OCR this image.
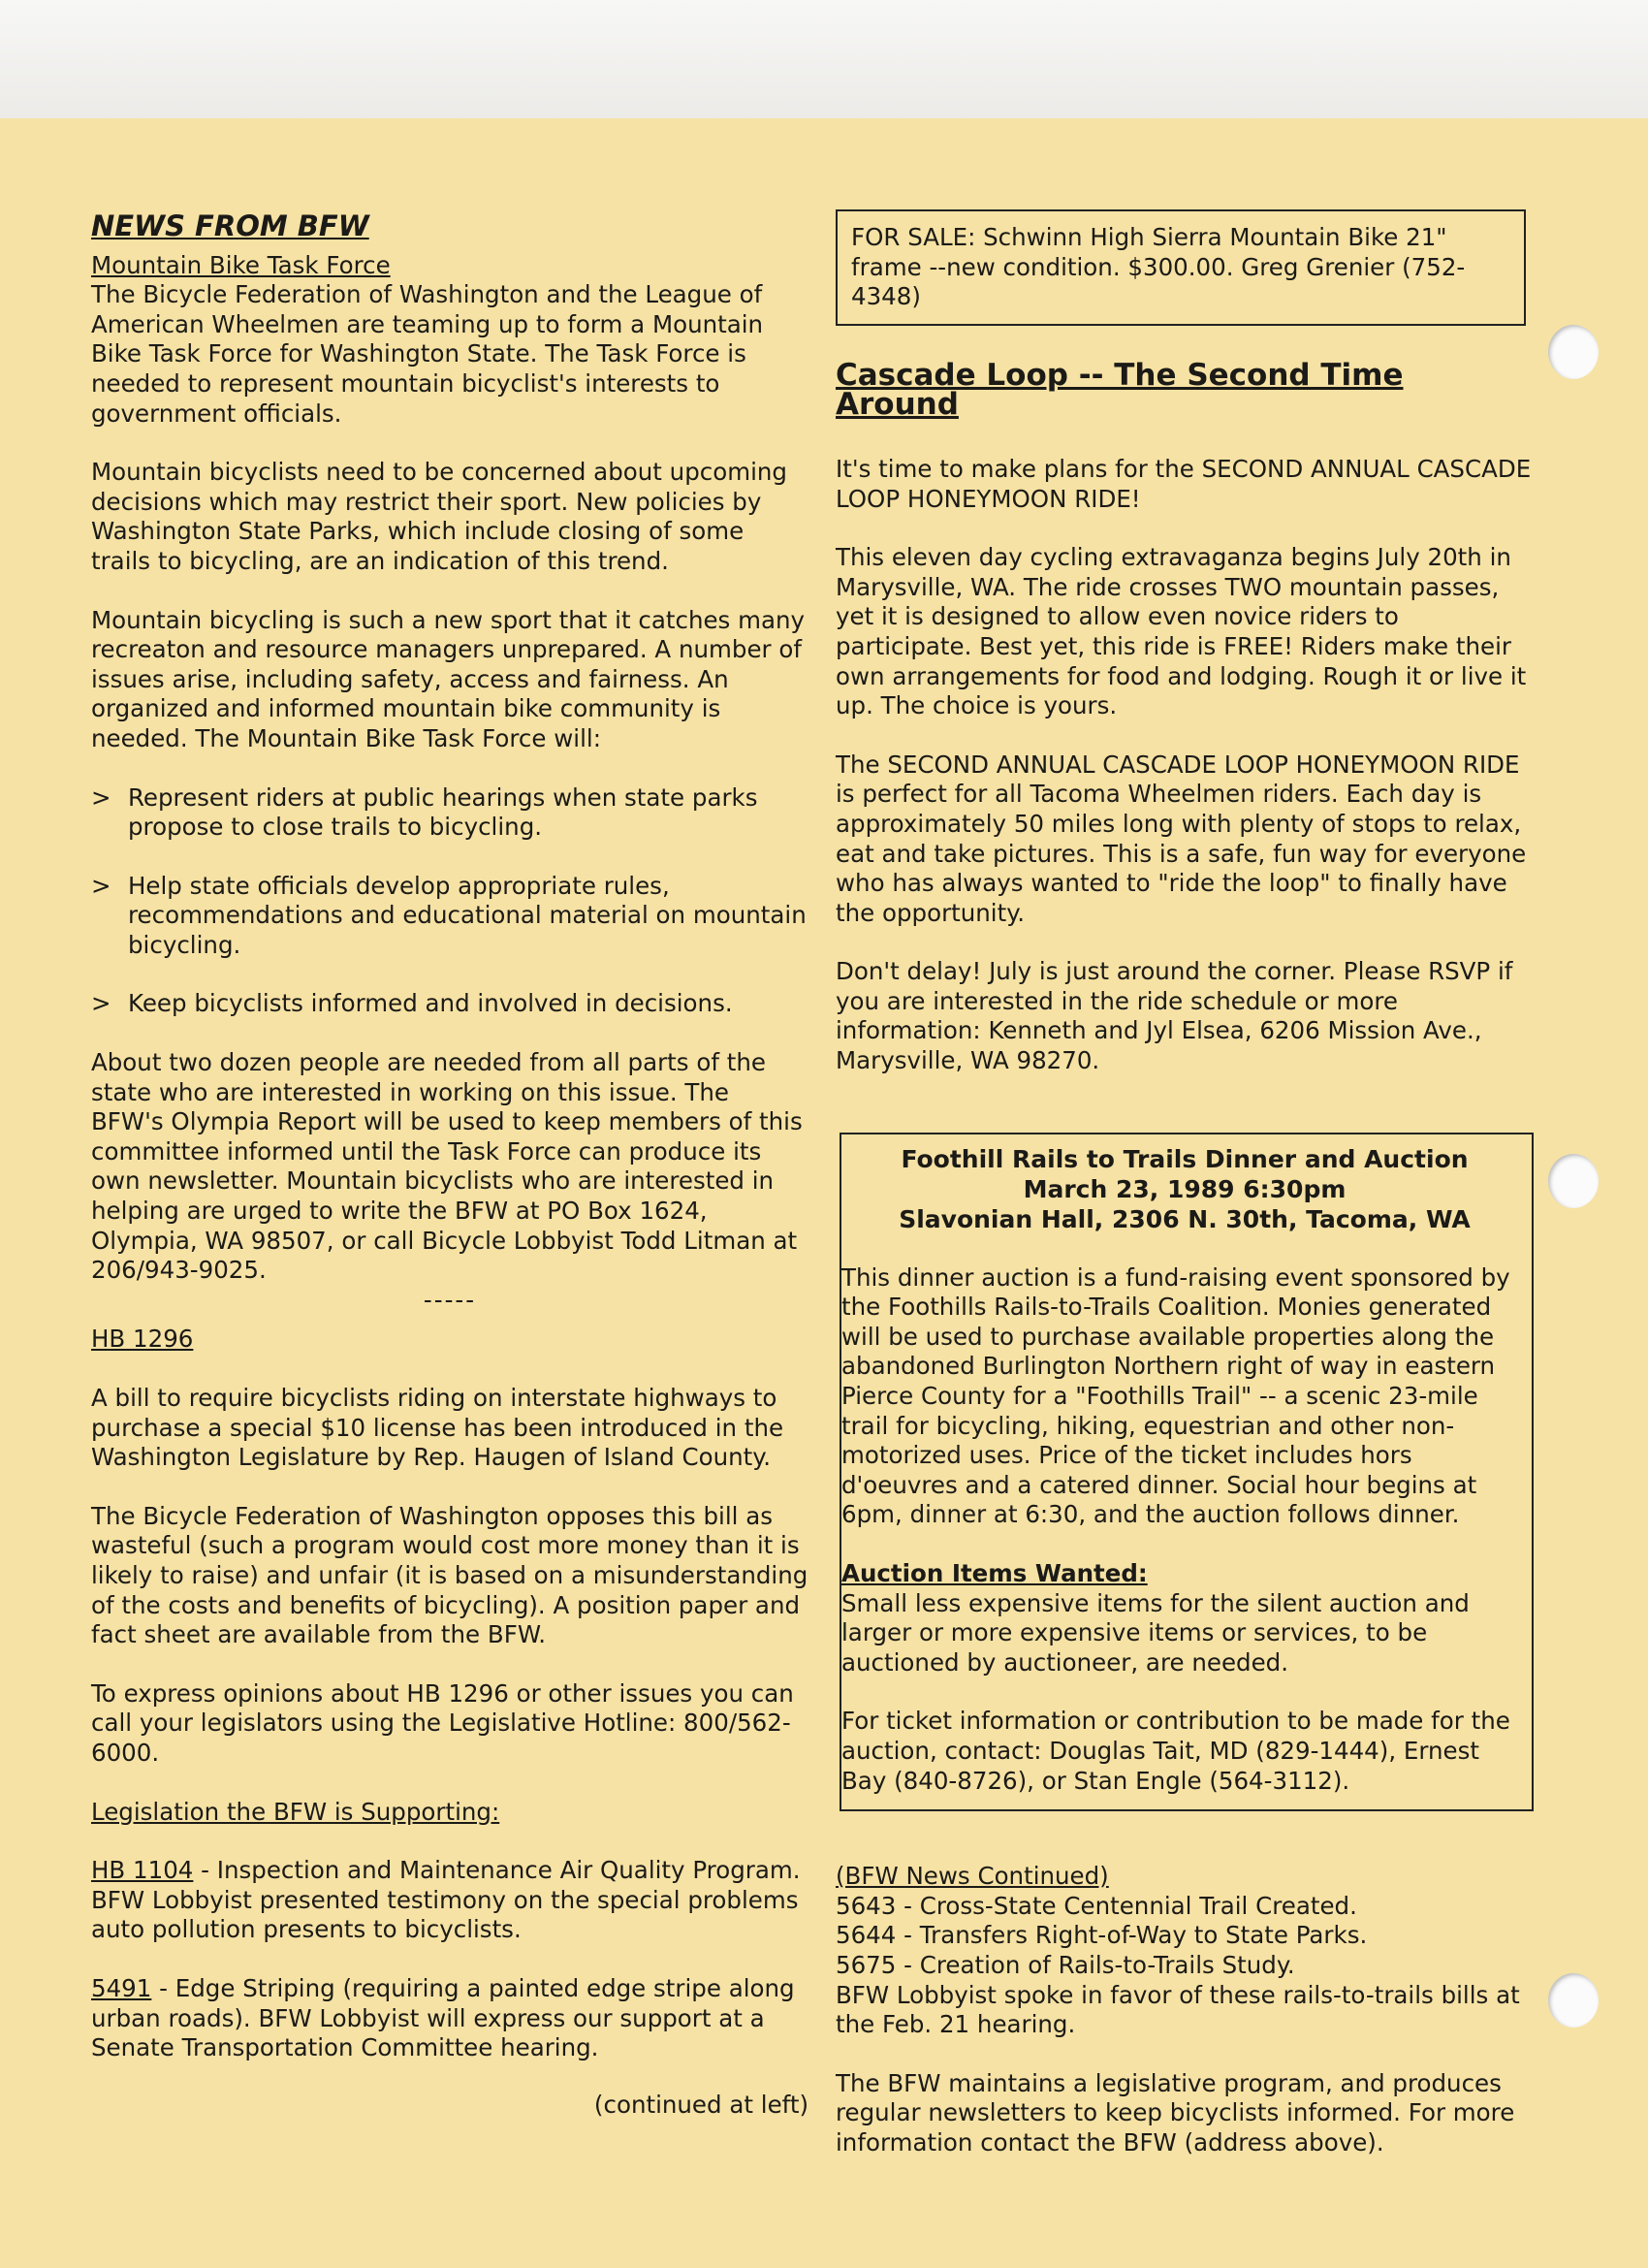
NEWS FROM BFW
Mountain Bike Task Force

The Bicycle Federation of Washington and the League of American Wheelmen are teaming up to form a Mountain Bike Task Force for Washington State. The Task Force is needed to represent mountain bicyclist's interests to government officials.

Mountain bicyclists need to be concerned about upcoming decisions which may restrict their sport. New policies by Washington State Parks, which include closing of some trails to bicycling, are an indication of this trend.

Mountain bicycling is such a new sport that it catches many recreaton and resource managers unprepared. A number of issues arise, including safety, access and fairness. An organized and informed mountain bike community is needed. The Mountain Bike Task Force will:

> Represent riders at public hearings when state parks propose to close trails to bicycling.
> Help state officials develop appropriate rules, recommendations and educational material on mountain bicycling.
> Keep bicyclists informed and involved in decisions.

About two dozen people are needed from all parts of the state who are interested in working on this issue. The BFW's Olympia Report will be used to keep members of this committee informed until the Task Force can produce its own newsletter. Mountain bicyclists who are interested in helping are urged to write the BFW at PO Box 1624, Olympia, WA 98507, or call Bicycle Lobbyist Todd Litman at 206/943-9025.

-----
HB 1296

A bill to require bicyclists riding on interstate highways to purchase a special $10 license has been introduced in the Washington Legislature by Rep. Haugen of Island County.

The Bicycle Federation of Washington opposes this bill as wasteful (such a program would cost more money than it is likely to raise) and unfair (it is based on a misunderstanding of the costs and benefits of bicycling). A position paper and fact sheet are available from the BFW.

To express opinions about HB 1296 or other issues you can call your legislators using the Legislative Hotline: 800/562-6000.

Legislation the BFW is Supporting:

HB 1104 - Inspection and Maintenance Air Quality Program. BFW Lobbyist presented testimony on the special problems auto pollution presents to bicyclists.

5491 - Edge Striping (requiring a painted edge stripe along urban roads). BFW Lobbyist will express our support at a Senate Transportation Committee hearing.

(continued at left)
FOR SALE: Schwinn High Sierra Mountain Bike 21" frame --new condition. $300.00. Greg Grenier (752-4348)
Cascade Loop -- The Second Time Around

It's time to make plans for the SECOND ANNUAL CASCADE LOOP HONEYMOON RIDE!

This eleven day cycling extravaganza begins July 20th in Marysville, WA. The ride crosses TWO mountain passes, yet it is designed to allow even novice riders to participate. Best yet, this ride is FREE! Riders make their own arrangements for food and lodging. Rough it or live it up. The choice is yours.

The SECOND ANNUAL CASCADE LOOP HONEYMOON RIDE is perfect for all Tacoma Wheelmen riders. Each day is approximately 50 miles long with plenty of stops to relax, eat and take pictures. This is a safe, fun way for everyone who has always wanted to "ride the loop" to finally have the opportunity.

Don't delay! July is just around the corner. Please RSVP if you are interested in the ride schedule or more information: Kenneth and Jyl Elsea, 6206 Mission Ave., Marysville, WA 98270.

Foothill Rails to Trails Dinner and Auction
March 23, 1989 6:30pm
Slavonian Hall, 2306 N. 30th, Tacoma, WA

This dinner auction is a fund-raising event sponsored by the Foothills Rails-to-Trails Coalition. Monies generated will be used to purchase available properties along the abandoned Burlington Northern right of way in eastern Pierce County for a "Foothills Trail" -- a scenic 23-mile trail for bicycling, hiking, equestrian and other non-motorized uses. Price of the ticket includes hors d'oeuvres and a catered dinner. Social hour begins at 6pm, dinner at 6:30, and the auction follows dinner.

Auction Items Wanted:

Small less expensive items for the silent auction and larger or more expensive items or services, to be auctioned by auctioneer, are needed.

For ticket information or contribution to be made for the auction, contact: Douglas Tait, MD (829-1444), Ernest Bay (840-8726), or Stan Engle (564-3112).

(BFW News Continued)
5643 - Cross-State Centennial Trail Created.
5644 - Transfers Right-of-Way to State Parks.
5675 - Creation of Rails-to-Trails Study.

BFW Lobbyist spoke in favor of these rails-to-trails bills at the Feb. 21 hearing.

The BFW maintains a legislative program, and produces regular newsletters to keep bicyclists informed. For more information contact the BFW (address above).
